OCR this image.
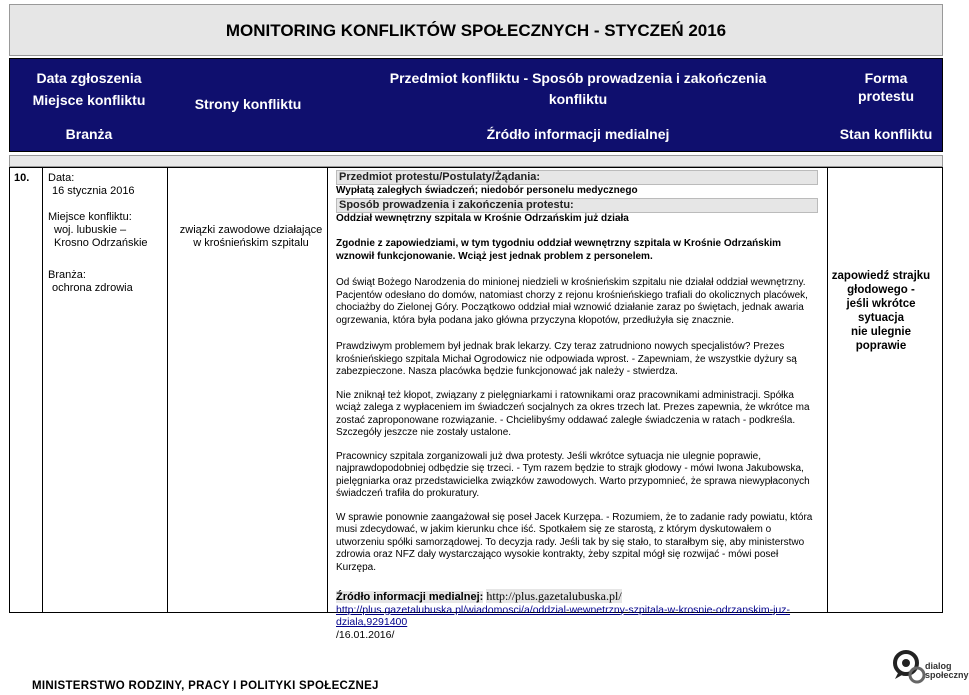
MONITORING KONFLIKTÓW SPOŁECZNYCH - STYCZEŃ 2016
Data zgłoszenia
Miejsce konfliktu
Branża
Strony konfliktu
Przedmiot konfliktu - Sposób prowadzenia i zakończenia
konfliktu
Źródło informacji medialnej
Forma
protestu
Stan konfliktu
10. Data:
16 stycznia 2016
Miejsce konfliktu:
woj. lubuskie –
Krosno Odrzańskie
Branża:
ochrona zdrowia
związki zawodowe działające
w krośnieńskim szpitalu
Przedmiot protestu/Postulaty/Żądania:
Wypłatą zaległych świadczeń; niedobór personelu medycznego
Sposób prowadzenia i zakończenia protestu:
Oddział wewnętrzny szpitala w Krośnie Odrzańskim już działa
Zgodnie z zapowiedziami, w tym tygodniu oddział wewnętrzny szpitala w Krośnie Odrzańskim wznowił funkcjonowanie. Wciąż jest jednak problem z personelem.
Od świąt Bożego Narodzenia do minionej niedzieli w krośnieńskim szpitalu nie działał oddział wewnętrzny. Pacjentów odesłano do domów, natomiast chorzy z rejonu krośnieńskiego trafiali do okolicznych placówek, chociażby do Zielonej Góry. Początkowo oddział miał wznowić działanie zaraz po świętach, jednak awaria ogrzewania, która była podana jako główna przyczyna kłopotów, przedłużyła się znacznie.
Prawdziwym problemem był jednak brak lekarzy. Czy teraz zatrudniono nowych specjalistów? Prezes krośnieńskiego szpitala Michał Ogrodowicz nie odpowiada wprost. - Zapewniam, że wszystkie dyżury są zabezpieczone. Nasza placówka będzie funkcjonować jak należy - stwierdza.
Nie zniknął też kłopot, związany z pielęgniarkami i ratownikami oraz pracownikami administracji. Spółka wciąż zalega z wypłaceniem im świadczeń socjalnych za okres trzech lat. Prezes zapewnia, że wkrótce ma zostać zaproponowane rozwiązanie. - Chcielibyśmy oddawać zaległe świadczenia w ratach - podkreśla. Szczegóły jeszcze nie zostały ustalone.
Pracownicy szpitala zorganizowali już dwa protesty. Jeśli wkrótce sytuacja nie ulegnie poprawie, najprawdopodobniej odbędzie się trzeci. - Tym razem będzie to strajk głodowy - mówi Iwona Jakubowska, pielęgniarka oraz przedstawicielka związków zawodowych. Warto przypomnieć, że sprawa niewypłaconych świadczeń trafiła do prokuratury.
W sprawie ponownie zaangażował się poseł Jacek Kurzępa. - Rozumiem, że to zadanie rady powiatu, która musi zdecydować, w jakim kierunku chce iść. Spotkałem się ze starostą, z którym dyskutowałem o utworzeniu spółki samorządowej. To decyzja rady. Jeśli tak by się stało, to starałbym się, aby ministerstwo zdrowia oraz NFZ dały wystarczająco wysokie kontrakty, żeby szpital mógł się rozwijać - mówi poseł Kurzępa.
Źródło informacji medialnej: http://plus.gazetalubuska.pl/
http://plus.gazetalubuska.pl/wiadomosci/a/oddzial-wewnetrzny-szpitala-w-krosnie-odrzanskim-juz-
dziala,9291400
/16.01.2016/
zapowiedź strajku
głodowego -
jeśli wkrótce sytuacja
nie ulegnie poprawie
MINISTERSTWO RODZINY, PRACY I POLITYKI SPOŁECZNEJ
dialog
społeczny
